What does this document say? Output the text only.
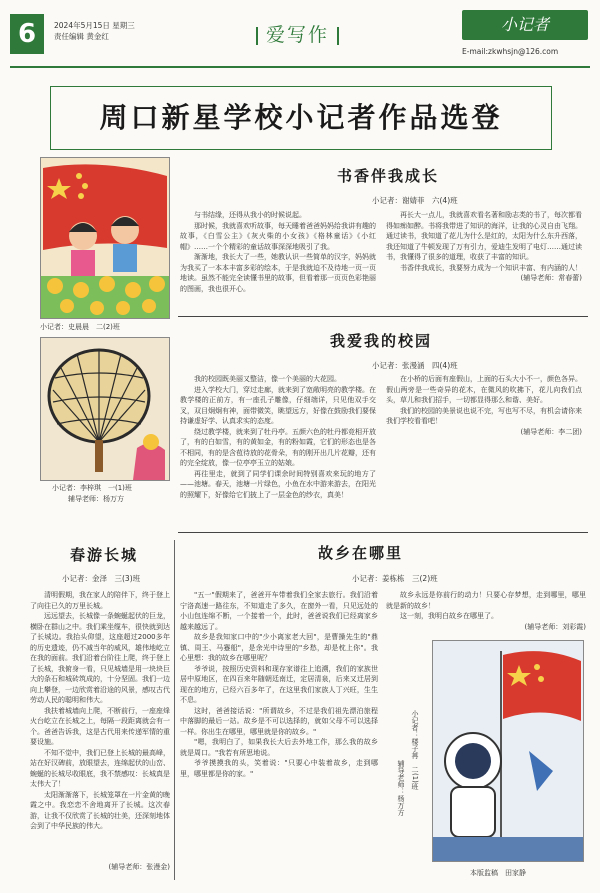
6	2024年5月15日 星期三
责任编辑 黄金红	爱写作	小记者
E-mail:zkwhsjn@126.com
周口新星学校小记者作品选登
小记者：史晨晨　二(2)班
小记者：李梓琪　一(1)班
辅导老师：杨万方
书香伴我成长
小记者：谢婧菲　六(4)班

与书结缘，还得从我小的时候说起。

那时候，我就喜欢听故事，每天睡着爸爸妈妈给我讲有趣的故事，《白雪公主》《灰火柴的小女孩》《格林童话》《小红帽》……一个个精彩的童话故事深深地吸引了我。

渐渐地，我长大了一些，她教认识一些简单的汉字，妈妈就为我买了一本本丰富多彩的绘本，于是我就迫不及待地一页一页地读。虽然不能完全读懂书里的故事，但看着那一页页色彩艳丽的图画，我也很开心。

再长大一点儿，我就喜欢看名著和励志类的书了，每次都看得如痴如醉。书将我带进了知识的海洋，让我的心灵自由飞翔。通过读书，我知道了花儿为什么是红的，太阳为什么东升西落，我还知道了牛顿发现了万有引力，爱迪生发明了电灯……通过读书，我懂得了很多的道理，收获了丰富的知识。

书香伴我成长，我要努力成为一个知识丰富、有内涵的人！

(辅导老师：常春蕾)
我爱我的校园
小记者：张漫涵　四(4)班

我的校园既美丽又整洁，像一个美丽的大花园。

进入学校大门，穿过走廊，就来到了宽敞明亮的教学楼。在教学楼的正前方，有一座孔子雕像，仔细端详，只见他双手交叉，双目炯炯有神，面带微笑，眺望远方，好像在鼓励我们要保持谦虚好学、认真求实的态度。

绕过教学楼，就来到了牡丹亭。五颜六色的牡丹都竞相开放了，有的白如雪，有的黄如金，有的粉如霞，它们的形态也是各不相同，有的是含苞待放的花骨朵，有的刚开出几片花瓣，还有的完全绽放，像一位亭亭玉立的姑娘。

再往里走，就到了同学们课余时间特别喜欢来玩的地方了——池塘。春天，池塘一片绿色，小鱼在水中游来游去，在阳光的照耀下，好像给它们披上了一层金色的纱衣，真美！

在小桥的后面有座假山，上面的石头大小不一，颜色各异。假山两旁是一些奇异的花木，在微风的吹拂下，花儿向我们点头，草儿和我们招手，一切都显得那么和谐、美好。

我们的校园的美景说也说不完，写也写不尽，有机会请你来我们学校看看吧！

(辅导老师：李二团)
春游长城
小记者：金泽　三(3)班

清明假期，我在家人的陪伴下，终于登上了向往已久的万里长城。

远远望去，长城像一条蜿蜒起伏的巨龙，横卧在群山之中。我们乘坐缆车，很快就到达了长城边。我抬头仰望，这座超过2000多年的历史遗迹，仍不减当年的威风，雄伟地屹立在我的面前。我们沿着台阶往上爬，终于登上了长城，我俯身一看，只见城墙是用一块块巨大的条石和城砖筑成的，十分坚固。我们一边向上攀登，一边欣赏着沿途的风景，感叹古代劳动人民的聪明和伟大。

我扶着城墙向上爬，不断前行，一座座烽火台屹立在长城之上，每隔一段距离就会有一个。爸爸告诉我，这是古代用来传递军情的重要设施。

不知不觉中，我们已登上长城的最高峰，站在好汉碑前，放眼望去，连绵起伏的山峦、蜿蜒的长城尽收眼底，我不禁感叹：长城真是太伟大了！

太阳渐渐落下，长城笼罩在一片金黄的晚霞之中。我恋恋不舍地离开了长城。这次春游，让我不仅欣赏了长城的壮美，还深刻地体会到了中华民族的伟大。

(辅导老师：张漫金)
故乡在哪里
小记者：姜栋栋　三(2)班

"五一"假期来了，爸爸开车带着我们全家去旅行。我们沿着宁洛高速一路往东，不知道走了多久，在窗外一看，只见远处的小山包连绵不断，一个接着一个，此时，爸爸说我们已经离家乡越来越远了。

故乡是我知家口中的"少小离家老大回"，是曹操先生的"鼎镇、周王、马蹇船"，是余光中诗里的"乡愁，却是枕上你"。我心里想：我的故乡在哪里呢？

爷爷说，按照历史资料和现存家谱往上追溯，我们的家族世居中原地区，在四百来年随朝廷南迁，定居清泉，后来又迁居到现在的地方，已经六百多年了，在这里我们家族人丁兴旺，生生不息。

这时，爸爸接话说："所谓故乡，不过是我们祖先漂泊旅程中落脚的最后一站。故乡是不可以选择的，就如父母不可以选择一样。你出生在哪里，哪里就是你的故乡。"

"嗯，我明白了，如果我长大后去外地工作，那么我的故乡就是周口。"我若有所思地说。

爷爷摸摸我的头，笑着说："只要心中装着故乡，走到哪里，哪里都是你的家。"

故乡永远是你前行的动力！只要心存梦想，走到哪里，哪里就是新的故乡！

这一刻，我明白故乡在哪里了。

(辅导老师：刘彩霞)
小记者：楼子苒　二(1)班
辅导老师：杨万方
本版监稿　田家静
